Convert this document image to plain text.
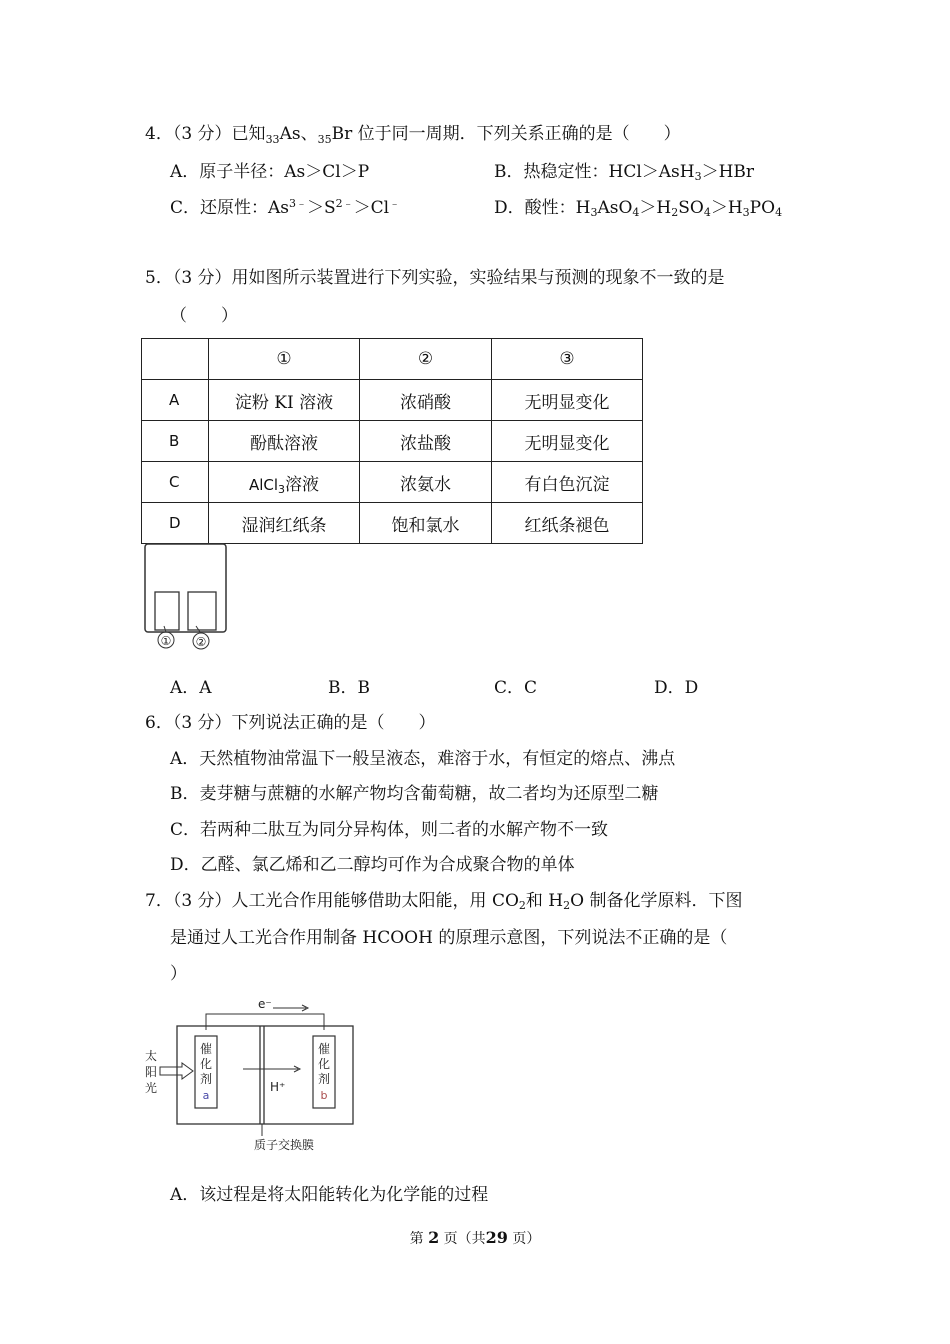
4．（3 分）已知$_{33}$As、$_{35}$Br 位于同一周期．下列关系正确的是（　　）
A．原子半径：As＞Cl＞P	B．热稳定性：HCl＞AsH$_3$＞HBr
C．还原性：$As^{3﹣}>S^{2﹣}>Cl^﹣$	D．酸性：$H_3AsO_4>H_2SO_4>H_3PO_4$
5．（3 分）用如图所示装置进行下列实验，实验结果与预测的现象不一致的是
（　　）
	①	②	③
A	淀粉 KI 溶液	浓硝酸	无明显变化
B	酚酞溶液	浓盐酸	无明显变化
C	AlCl$_3$溶液	浓氨水	有白色沉淀
D	湿润红纸条	饱和氯水	红纸条褪色
① ②
A．A	B．B	C．C	D．D
6．（3 分）下列说法正确的是（　　）
A．天然植物油常温下一般呈液态，难溶于水，有恒定的熔点、沸点
B．麦芽糖与蔗糖的水解产物均含葡萄糖，故二者均为还原型二糖
C．若两种二肽互为同分异构体，则二者的水解产物不一致
D．乙醛、氯乙烯和乙二醇均可作为合成聚合物的单体
7．（3 分）人工光合作用能够借助太阳能，用 $CO_2$和 $H_2O$ 制备化学原料．下图
是通过人工光合作用制备 HCOOH 的原理示意图，下列说法不正确的是（
）
e⁻
催
化
剂
a
催
化
剂
b
太
阳
光	H⁺
质子交换膜
A．该过程是将太阳能转化为化学能的过程
第 2 页（共29 页）
